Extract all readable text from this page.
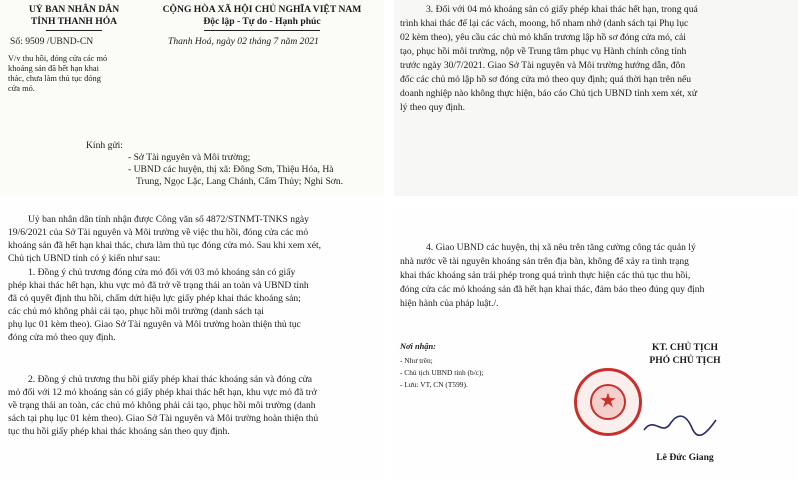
UỶ BAN NHÂN DÂN
TỈNH THANH HÓA
CỘNG HÒA XÃ HỘI CHỦ NGHĨA VIỆT NAM
Độc lập - Tự do - Hạnh phúc
Số: 9509 /UBND-CN	Thanh Hoá, ngày 02 tháng 7 năm 2021
V/v thu hồi, đóng cửa các mỏ
khoáng sản đã hết hạn khai
thác, chưa làm thủ tục đóng
cửa mỏ.
Kính gửi:
- Sở Tài nguyên và Môi trường;
- UBND các huyện, thị xã: Đông Sơn, Thiệu Hóa, Hà
Trung, Ngọc Lặc, Lang Chánh, Cẩm Thủy; Nghi Sơn.
Uỷ ban nhân dân tỉnh nhận được Công văn số 4872/STNMT-TNKS ngày
19/6/2021 của Sở Tài nguyên và Môi trường về việc thu hồi, đóng cửa các mỏ
khoáng sản đã hết hạn khai thác, chưa làm thủ tục đóng cửa mỏ. Sau khi xem xét,
Chủ tịch UBND tỉnh có ý kiến như sau:
1. Đồng ý chủ trương đóng cửa mỏ đối với 03 mỏ khoáng sản có giấy
phép khai thác hết hạn, khu vực mỏ đã trở về trạng thái an toàn và UBND tỉnh
đã có quyết định thu hồi, chấm dứt hiệu lực giấy phép khai thác khoáng sản;
các chủ mỏ không phải cải tạo, phục hồi môi trường (danh sách tại
phụ lục 01 kèm theo). Giao Sở Tài nguyên và Môi trường hoàn thiện thủ tục
đóng cửa mỏ theo quy định.
2. Đồng ý chủ trương thu hồi giấy phép khai thác khoáng sản và đóng cửa
mỏ đối với 12 mỏ khoáng sản có giấy phép khai thác hết hạn, khu vực mỏ đã trở
về trạng thái an toàn, các chủ mỏ không phải cải tạo, phục hồi môi trường (danh
sách tại phụ lục 01 kèm theo). Giao Sở Tài nguyên và Môi trường hoàn thiện thủ
tục thu hồi giấy phép khai thác khoáng sản theo quy định.
3. Đối với 04 mỏ khoáng sản có giấy phép khai thác hết hạn, trong quá
trình khai thác để lại các vách, moong, hố nham nhở (danh sách tại Phụ lục
02 kèm theo), yêu cầu các chủ mỏ khẩn trương lập hồ sơ đóng cửa mỏ, cải
tạo, phục hồi môi trường, nộp về Trung tâm phục vụ Hành chính công tỉnh
trước ngày 30/7/2021. Giao Sở Tài nguyên và Môi trường hướng dẫn, đôn
đốc các chủ mỏ lập hồ sơ đóng cửa mỏ theo quy định; quá thời hạn trên nếu
doanh nghiệp nào không thực hiện, báo cáo Chủ tịch UBND tỉnh xem xét, xử
lý theo quy định.
4. Giao UBND các huyện, thị xã nêu trên tăng cường công tác quản lý
nhà nước về tài nguyên khoáng sản trên địa bàn, không để xảy ra tình trạng
khai thác khoáng sản trái phép trong quá trình thực hiện các thủ tục thu hồi,
đóng cửa các mỏ khoáng sản đã hết hạn khai thác, đảm bảo theo đúng quy định
hiện hành của pháp luật./.
Nơi nhận:
- Như trên;
- Chủ tịch UBND tỉnh (b/c);
- Lưu: VT, CN (T599).
KT. CHỦ TỊCH
PHÓ CHỦ TỊCH
★
Lê Đức Giang
